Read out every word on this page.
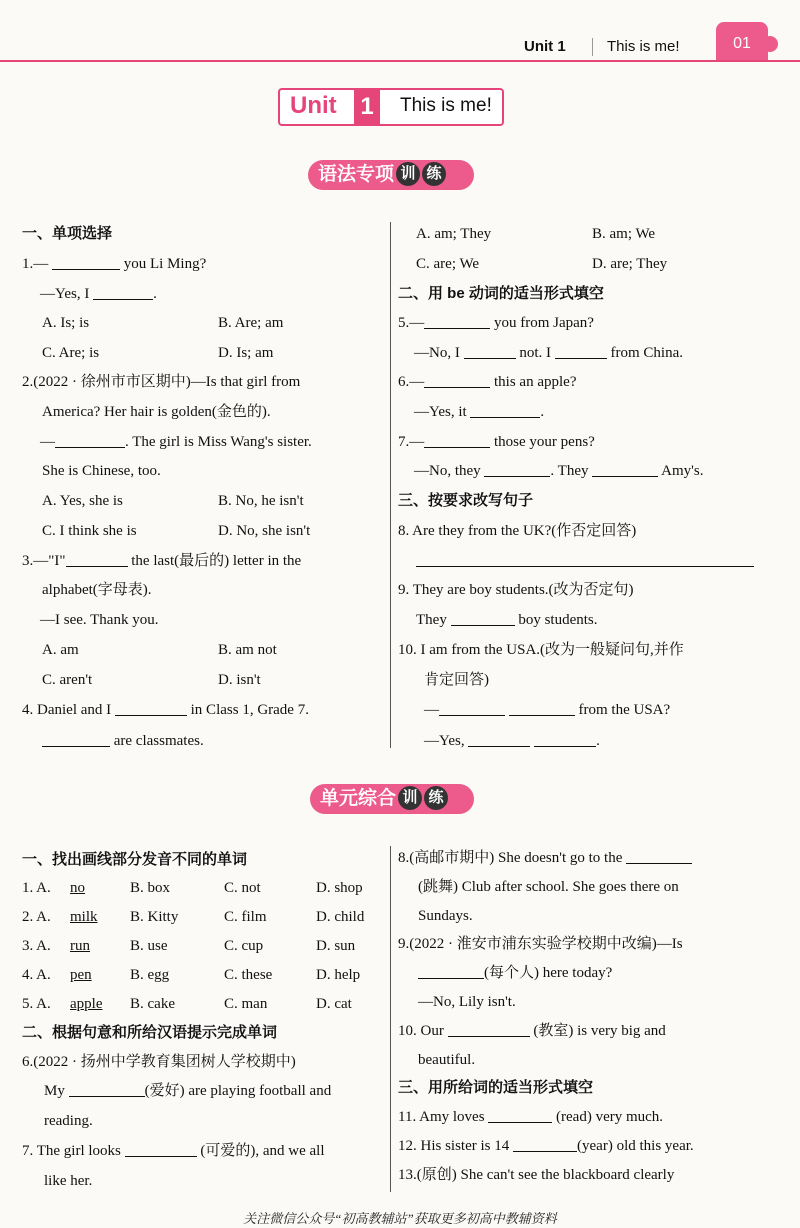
Unit 1	This is me!	01
Unit 1	This is me!
语法专项 训 练
一、单项选择
1.—	you Li Ming?
—Yes, I	.
A. Is; is	B. Are; am
C. Are; is	D. Is; am
2.(2022 · 徐州市市区期中)—Is that girl from
America? Her hair is golden(金色的).
—	. The girl is Miss Wang's sister.
She is Chinese, too.
A. Yes, she is	B. No, he isn't
C. I think she is	D. No, she isn't
3.—"I"	the last(最后的) letter in the
alphabet(字母表).
—I see. Thank you.
A. am	B. am not
C. aren't	D. isn't
4. Daniel and I	in Class 1, Grade 7.
are classmates.
A. am; They	B. am; We
C. are; We	D. are; They
二、用 be 动词的适当形式填空
5.—	you from Japan?
—No, I	not. I	from China.
6.—	this an apple?
—Yes, it	.
7.—	those your pens?
—No, they	. They	Amy's.
三、按要求改写句子
8. Are they from the UK?(作否定回答)
9. They are boy students.(改为否定句)
They	boy students.
10. I am from the USA.(改为一般疑问句,并作
肯定回答)
—	from the USA?
—Yes,	.
单元综合 训 练
一、找出画线部分发音不同的单词
1. A. no	B. box	C. not	D. shop
2. A. milk B. Kitty	C. film	D. child
3. A. run	B. use	C. cup	D. sun
4. A. pen	B. egg	C. these	D. help
5. A. apple B. cake	C. man	D. cat
二、根据句意和所给汉语提示完成单词
6.(2022 · 扬州中学教育集团树人学校期中)
My	(爱好) are playing football and
reading.
7. The girl looks	(可爱的), and we all
like her.
8.(高邮市期中) She doesn't go to the
(跳舞) Club after school. She goes there on
Sundays.
9.(2022 · 淮安市浦东实验学校期中改编)—Is
(每个人) here today?
—No, Lily isn't.
10. Our	(教室) is very big and
beautiful.
三、用所给词的适当形式填空
11. Amy loves	(read) very much.
12. His sister is 14	(year) old this year.
13.(原创) She can't see the blackboard clearly
关注微信公众号“初高教辅站”获取更多初高中教辅资料
